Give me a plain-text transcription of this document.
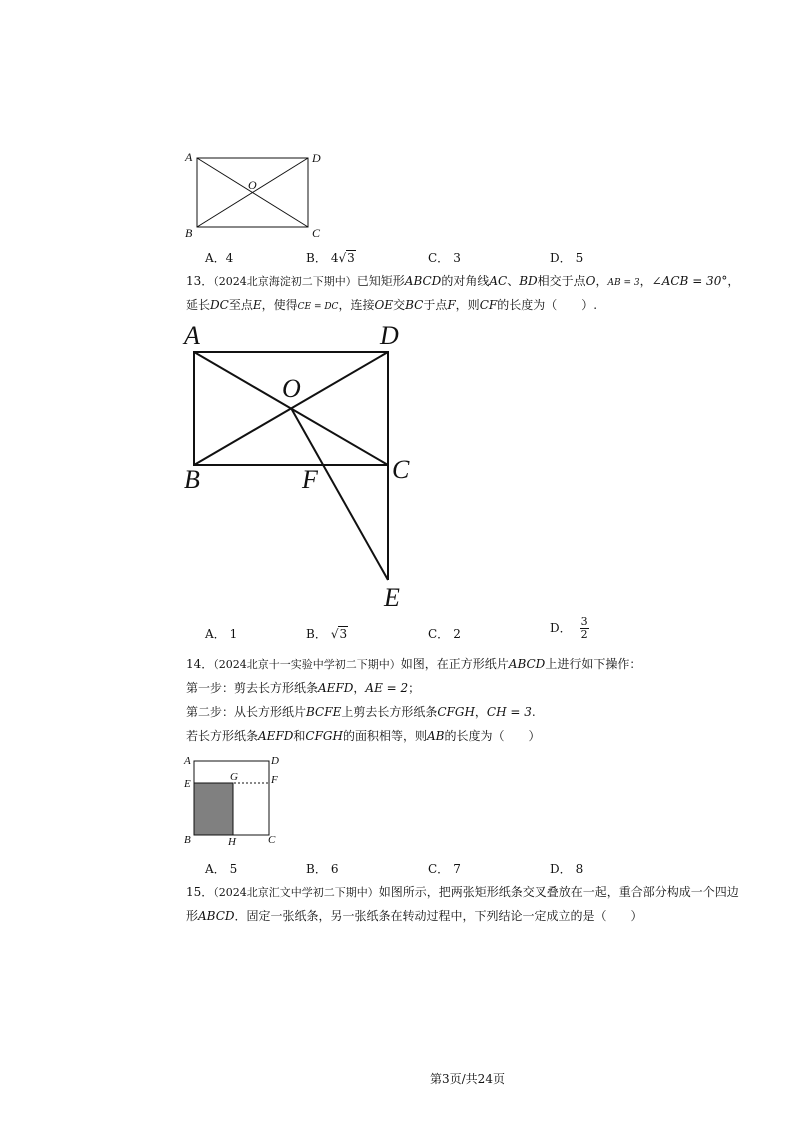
A	D
B	C
O
A．4	B． 4√3	C． 3	D． 5
13．（2024北京海淀初二下期中）已知矩形ABCD的对角线AC、BD相交于点O，AB = 3，∠ACB = 30°，
延长DC至点E，使得CE = DC，连接OE交BC于点F，则CF的长度为（　　）.
A	D
O
B	F	C
E
A． 1	B． √3	C． 2	D． $\frac{3}{2}$
14．（2024北京十一实验中学初二下期中）如图，在正方形纸片ABCD上进行如下操作：
第一步：剪去长方形纸条AEFD，AE = 2；
第二步：从长方形纸片BCFE上剪去长方形纸条CFGH，CH = 3.
若长方形纸条AEFD和CFGH的面积相等，则AB的长度为（　　）
A	D
E
G	F
B	H	C
A． 5	B． 6	C． 7	D． 8
15．（2024北京汇文中学初二下期中）如图所示，把两张矩形纸条交叉叠放在一起，重合部分构成一个四边
形ABCD．固定一张纸条，另一张纸条在转动过程中，下列结论一定成立的是（　　）
第3页/共24页
